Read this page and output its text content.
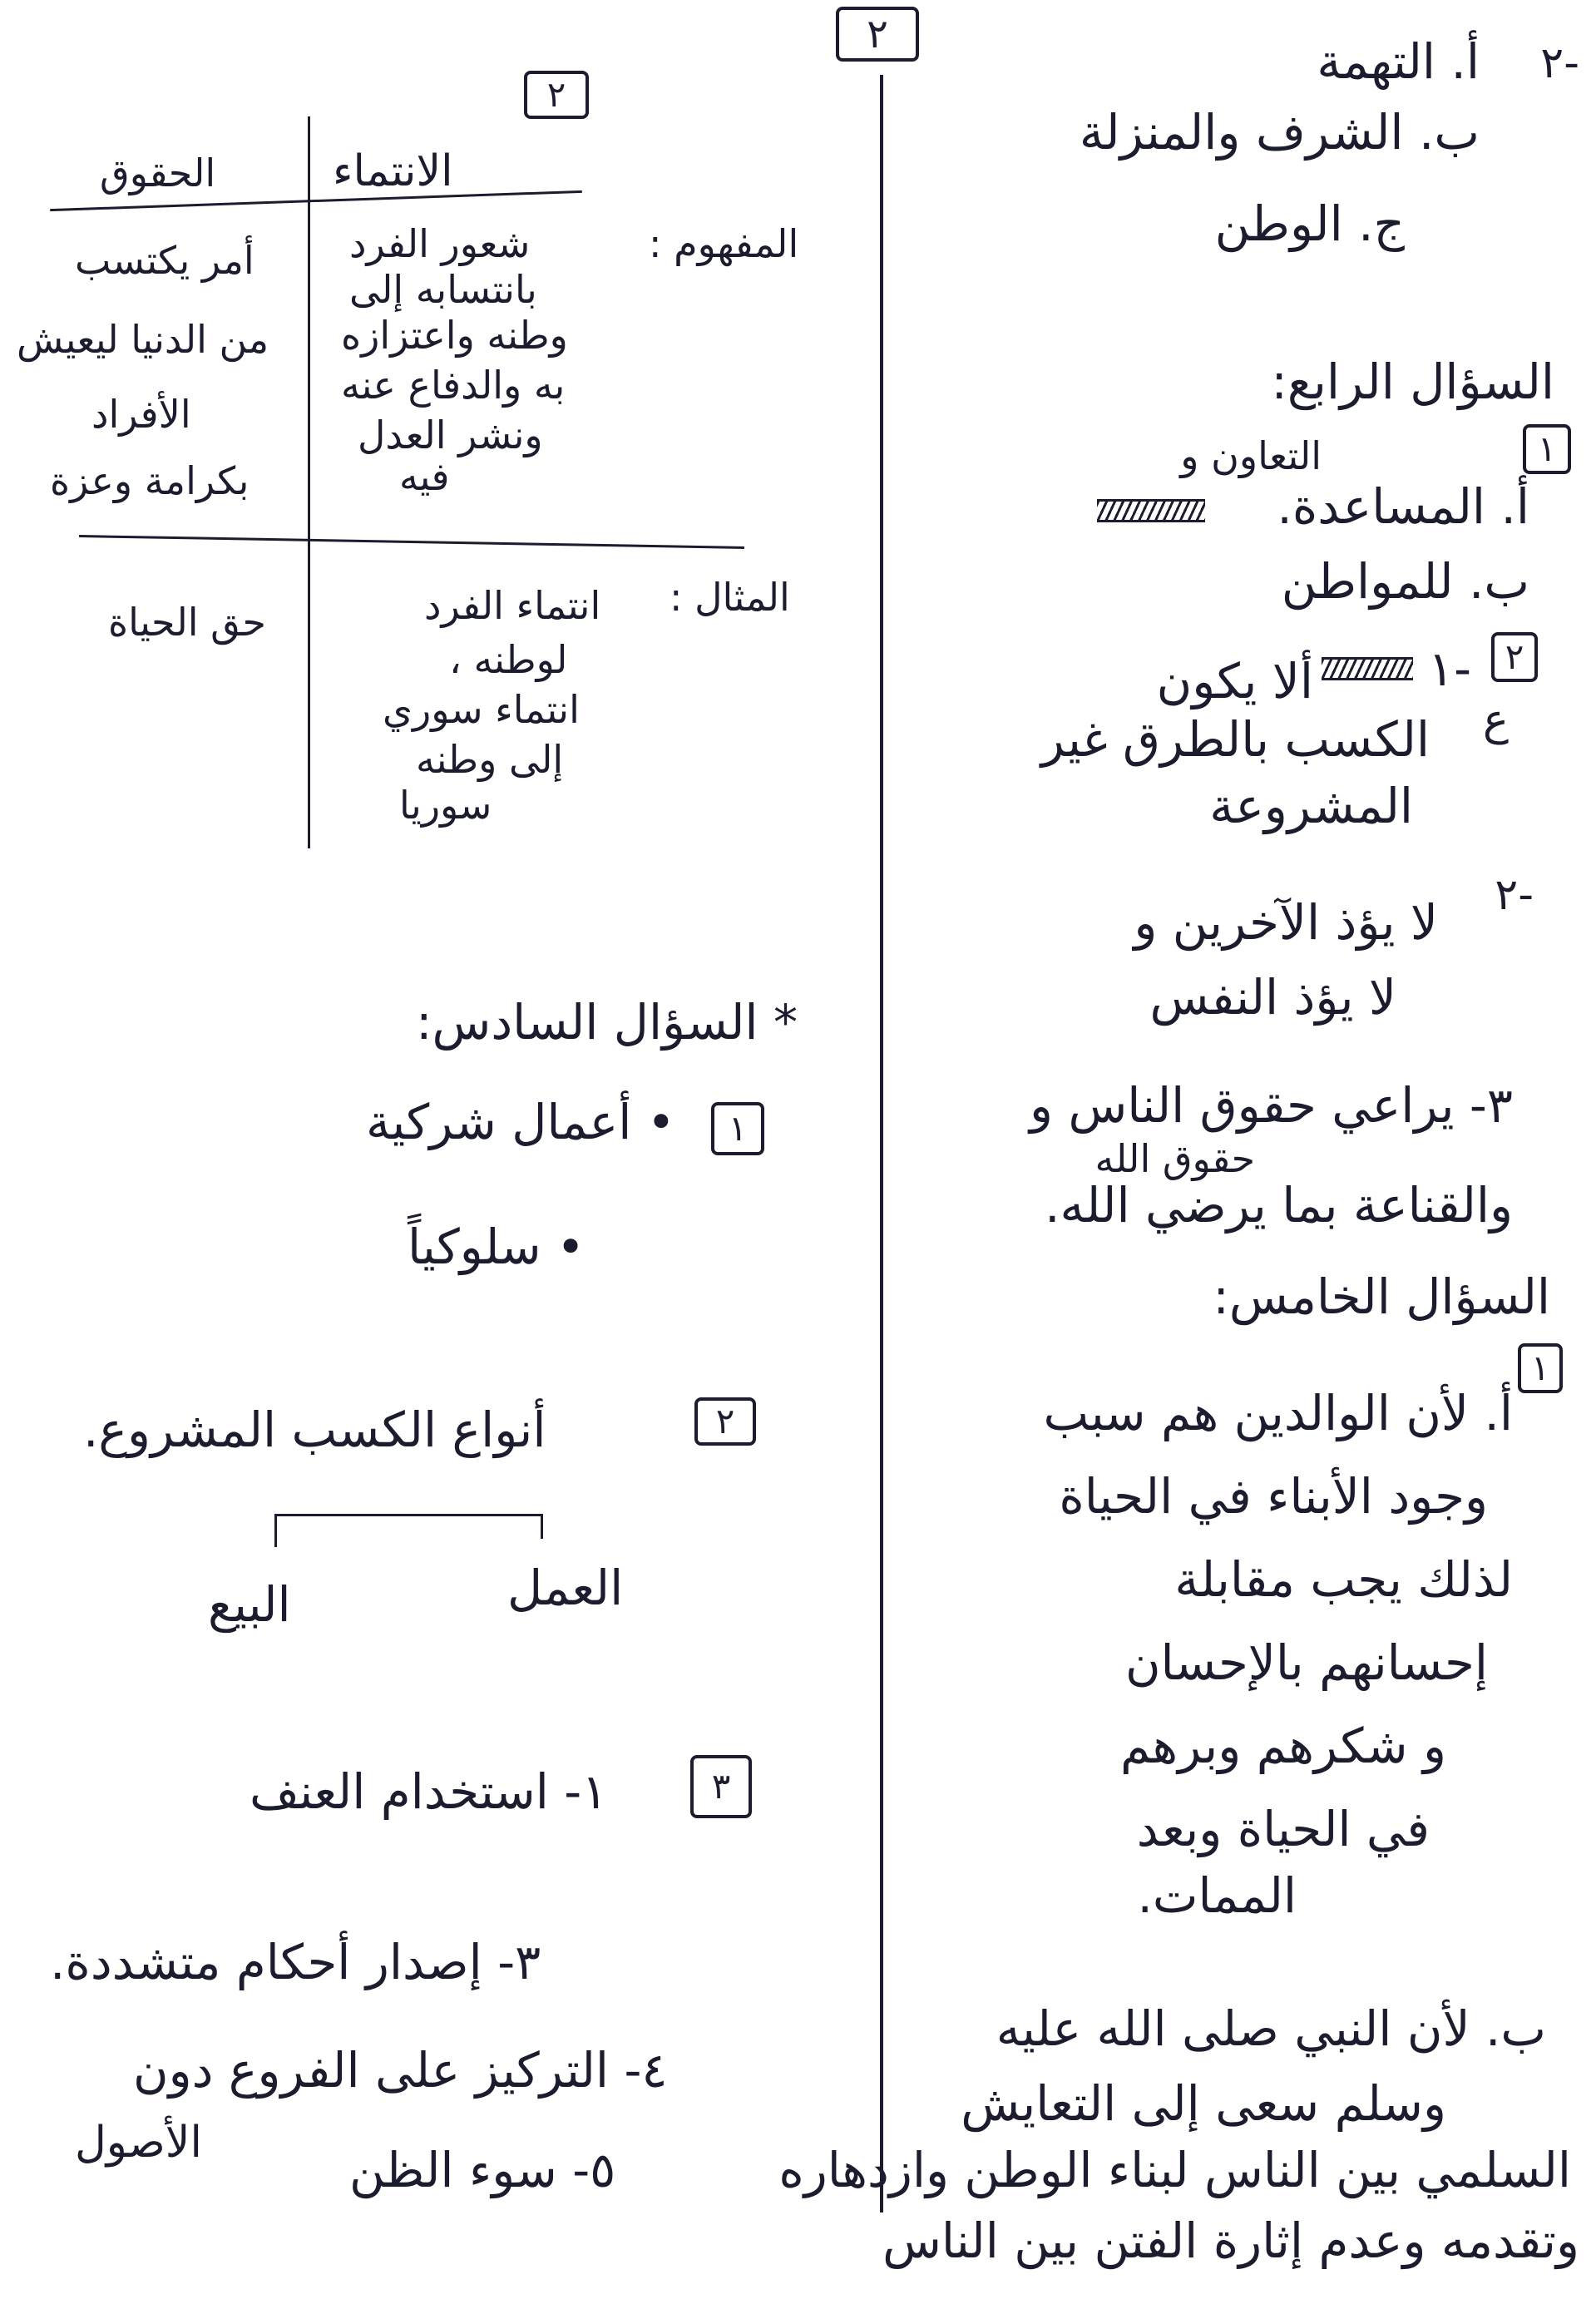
٢
٢-
أ. التهمة
ب. الشرف والمنزلة
ج. الوطن
السؤال الرابع:
١
التعاون و
أ. المساعدة.
ب. للمواطن
٢
١-
ألا يكون
ع
الكسب بالطرق غير
المشروعة
٢-
لا يؤذ الآخرين و
لا يؤذ النفس
٣- يراعي حقوق الناس و
حقوق الله
والقناعة بما يرضي الله.
السؤال الخامس:
١
أ. لأن الوالدين هم سبب
وجود الأبناء في الحياة
لذلك يجب مقابلة
إحسانهم بالإحسان
و شكرهم وبرهم
في الحياة وبعد
الممات.
ب. لأن النبي صلى الله عليه
وسلم سعى إلى التعايش
السلمي بين الناس لبناء الوطن وازدهاره
وتقدمه وعدم إثارة الفتن بين الناس
٢
الانتماء
الحقوق
المفهوم :
شعور الفرد
بانتسابه إلى
وطنه واعتزازه
به والدفاع عنه
ونشر العدل
فيه
أمر يكتسب
من الدنيا ليعيش
الأفراد
بكرامة وعزة
المثال :
انتماء الفرد
لوطنه ،
انتماء سوري
إلى وطنه
سوريا
حق الحياة
* السؤال السادس:
١
• أعمال شركية
• سلوكياً
٢
أنواع الكسب المشروع.
العمل
البيع
٣
١- استخدام العنف
٣- إصدار أحكام متشددة.
٤- التركيز على الفروع دون
الأصول	٥- سوء الظن
